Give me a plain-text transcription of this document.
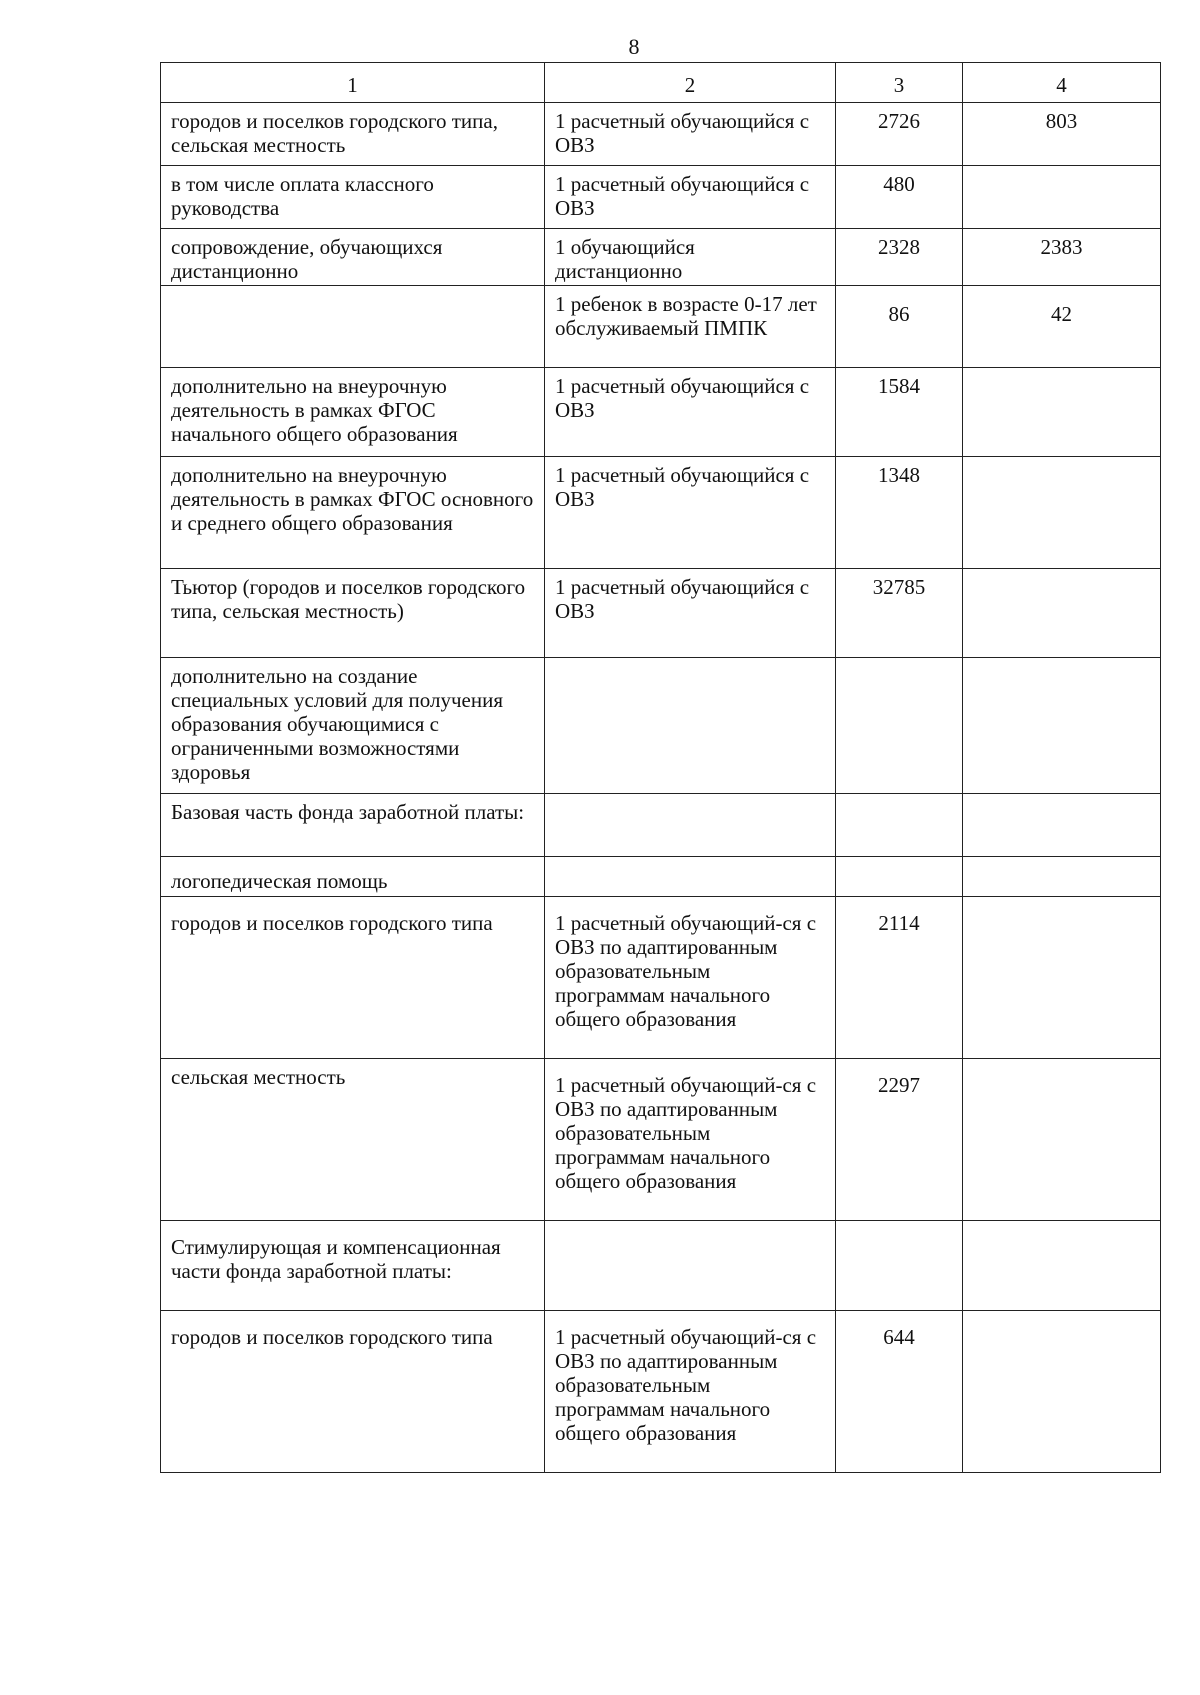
8
1	2	3	4
городов и поселков городского типа, сельская местность	1 расчетный обучающийся с ОВЗ	2726	803
в том числе оплата классного руководства	1 расчетный обучающийся с ОВЗ	480	
сопровождение, обучающихся дистанционно	1 обучающийся дистанционно	2328	2383
	1 ребенок в возрасте 0-17 лет обслуживаемый ПМПК	86	42
дополнительно на внеурочную деятельность в рамках ФГОС начального общего образования	1 расчетный обучающийся с ОВЗ	1584	
дополнительно на внеурочную деятельность в рамках ФГОС основного и среднего общего образования	1 расчетный обучающийся с ОВЗ	1348	
Тьютор (городов и поселков городского типа, сельская местность)	1 расчетный обучающийся с ОВЗ	32785	
дополнительно на создание специальных условий для получения образования обучающимися с ограниченными возможностями здоровья			
Базовая часть фонда заработной платы:			
логопедическая помощь			
городов и поселков городского типа	1 расчетный обучающий-ся с ОВЗ по адаптированным образовательным программам начального общего образования	2114	
сельская местность	1 расчетный обучающий-ся с ОВЗ по адаптированным образовательным программам начального общего образования	2297	
Стимулирующая и компенсационная части фонда заработной платы:			
городов и поселков городского типа	1 расчетный обучающий-ся с ОВЗ по адаптированным образовательным программам начального общего образования	644	
